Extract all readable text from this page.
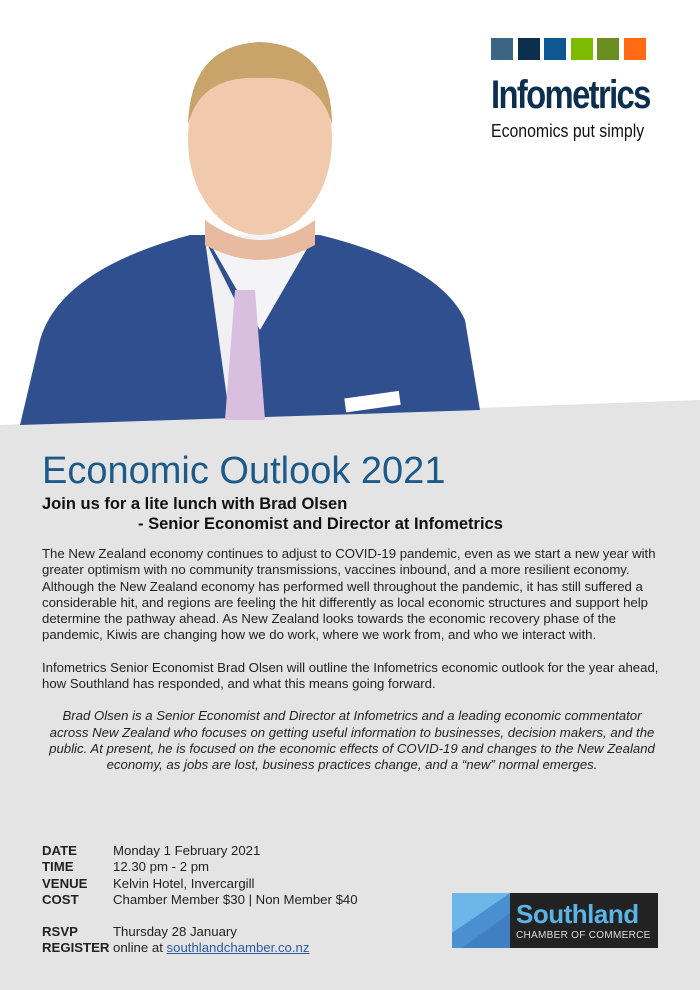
Infometrics
Economics put simply
Economic Outlook 2021
Join us for a lite lunch with Brad Olsen
- Senior Economist and Director at Infometrics

The New Zealand economy continues to adjust to COVID-19 pandemic, even as we start a new year with greater optimism with no community transmissions, vaccines inbound, and a more resilient economy. Although the New Zealand economy has performed well throughout the pandemic, it has still suffered a considerable hit, and regions are feeling the hit differently as local economic structures and support help determine the pathway ahead. As New Zealand looks towards the economic recovery phase of the pandemic, Kiwis are changing how we do work, where we work from, and who we interact with.

Infometrics Senior Economist Brad Olsen will outline the Infometrics economic outlook for the year ahead, how Southland has responded, and what this means going forward.

Brad Olsen is a Senior Economist and Director at Infometrics and a leading economic commentator across New Zealand who focuses on getting useful information to businesses, decision makers, and the public. At present, he is focused on the economic effects of COVID-19 and changes to the New Zealand economy, as jobs are lost, business practices change, and a “new” normal emerges.

DATE	Monday 1 February 2021
TIME	12.30 pm - 2 pm
VENUE	Kelvin Hotel, Invercargill
COST	Chamber Member $30 | Non Member $40
RSVP	Thursday 28 January
REGISTER online at southlandchamber.co.nz
Southland
CHAMBER OF COMMERCE
